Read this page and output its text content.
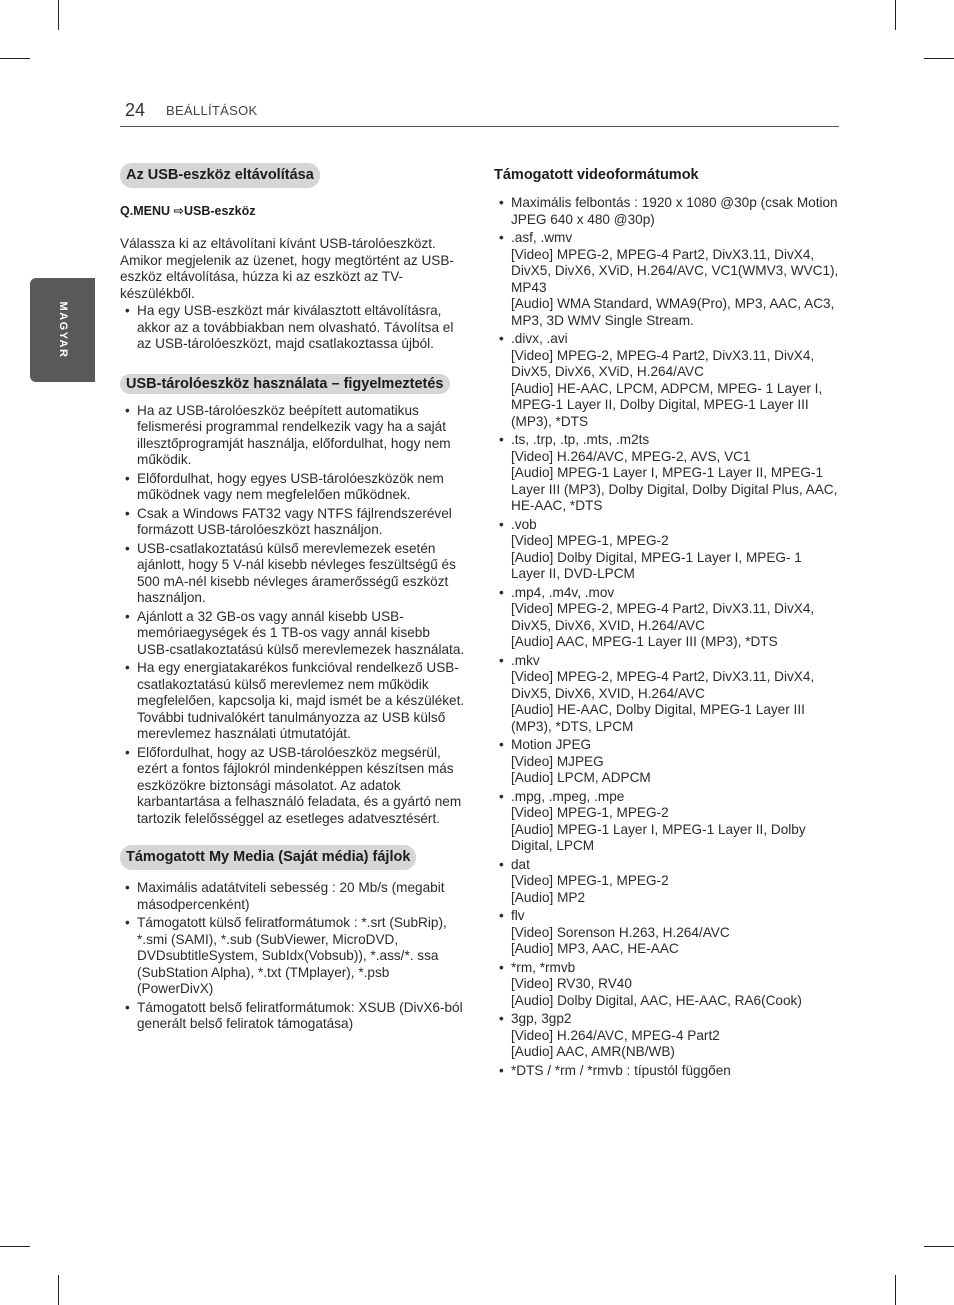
24 BEÁLLÍTÁSOK
MAGYAR
Az USB-eszköz eltávolítása
Q.MENU ⇨USB-eszköz

Válassza ki az eltávolítani kívánt USB-tárolóeszközt. Amikor megjelenik az üzenet, hogy megtörtént az USB-eszköz eltávolítása, húzza ki az eszközt az TV-készülékből.

• Ha egy USB-eszközt már kiválasztott eltávolításra, akkor az a továbbiakban nem olvasható. Távolítsa el az USB-tárolóeszközt, majd csatlakoztassa újból.
USB-tárolóeszköz használata – figyelmeztetés
• Ha az USB-tárolóeszköz beépített automatikus felismerési programmal rendelkezik vagy ha a saját illesztőprogramját használja, előfordulhat, hogy nem működik.
• Előfordulhat, hogy egyes USB-tárolóeszközök nem működnek vagy nem megfelelően működnek.
• Csak a Windows FAT32 vagy NTFS fájlrendszerével formázott USB-tárolóeszközt használjon.
• USB-csatlakoztatású külső merevlemezek esetén ajánlott, hogy 5 V-nál kisebb névleges feszültségű és 500 mA-nél kisebb névleges áramerősségű eszközt használjon.
• Ajánlott a 32 GB-os vagy annál kisebb USB-memóriaegységek és 1 TB-os vagy annál kisebb USB-csatlakoztatású külső merevlemezek használata.
• Ha egy energiatakarékos funkcióval rendelkező USB-csatlakoztatású külső merevlemez nem működik megfelelően, kapcsolja ki, majd ismét be a készüléket. További tudnivalókért tanulmányozza az USB külső merevlemez használati útmutatóját.
• Előfordulhat, hogy az USB-tárolóeszköz megsérül, ezért a fontos fájlokról mindenképpen készítsen más eszközökre biztonsági másolatot. Az adatok karbantartása a felhasználó feladata, és a gyártó nem tartozik felelősséggel az esetleges adatvesztésért.
Támogatott My Media (Saját média) fájlok
• Maximális adatátviteli sebesség : 20 Mb/s (megabit másodpercenként)
• Támogatott külső feliratformátumok : *.srt (SubRip), *.smi (SAMI), *.sub (SubViewer, MicroDVD, DVDsubtitleSystem, SubIdx(Vobsub)), *.ass/*. ssa (SubStation Alpha), *.txt (TMplayer), *.psb (PowerDivX)
• Támogatott belső feliratformátumok: XSUB (DivX6-ból generált belső feliratok támogatása)
Támogatott videoformátumok
• Maximális felbontás : 1920 x 1080 @30p (csak Motion JPEG 640 x 480 @30p)
• .asf, .wmv
[Video] MPEG-2, MPEG-4 Part2, DivX3.11, DivX4, DivX5, DivX6, XViD, H.264/AVC, VC1(WMV3, WVC1), MP43
[Audio] WMA Standard, WMA9(Pro), MP3, AAC, AC3, MP3, 3D WMV Single Stream.
• .divx, .avi
[Video] MPEG-2, MPEG-4 Part2, DivX3.11, DivX4, DivX5, DivX6, XViD, H.264/AVC
[Audio] HE-AAC, LPCM, ADPCM, MPEG- 1 Layer I, MPEG-1 Layer II, Dolby Digital, MPEG-1 Layer III (MP3), *DTS
• .ts, .trp, .tp, .mts, .m2ts
[Video] H.264/AVC, MPEG-2, AVS, VC1
[Audio] MPEG-1 Layer I, MPEG-1 Layer II, MPEG-1 Layer III (MP3), Dolby Digital, Dolby Digital Plus, AAC, HE-AAC, *DTS
• .vob
[Video] MPEG-1, MPEG-2
[Audio] Dolby Digital, MPEG-1 Layer I, MPEG- 1 Layer II, DVD-LPCM
• .mp4, .m4v, .mov
[Video] MPEG-2, MPEG-4 Part2, DivX3.11, DivX4, DivX5, DivX6, XVID, H.264/AVC
[Audio] AAC, MPEG-1 Layer III (MP3), *DTS
• .mkv
[Video] MPEG-2, MPEG-4 Part2, DivX3.11, DivX4, DivX5, DivX6, XVID, H.264/AVC
[Audio] HE-AAC, Dolby Digital, MPEG-1 Layer III (MP3), *DTS, LPCM
• Motion JPEG
[Video] MJPEG
[Audio] LPCM, ADPCM
• .mpg, .mpeg, .mpe
[Video] MPEG-1, MPEG-2
[Audio] MPEG-1 Layer I, MPEG-1 Layer II, Dolby Digital, LPCM
• dat
[Video] MPEG-1, MPEG-2
[Audio] MP2
• flv
[Video] Sorenson H.263, H.264/AVC
[Audio] MP3, AAC, HE-AAC
• *rm, *rmvb
[Video] RV30, RV40
[Audio] Dolby Digital, AAC, HE-AAC, RA6(Cook)
• 3gp, 3gp2
[Video] H.264/AVC, MPEG-4 Part2
[Audio] AAC, AMR(NB/WB)
• *DTS / *rm / *rmvb : típustól függően
